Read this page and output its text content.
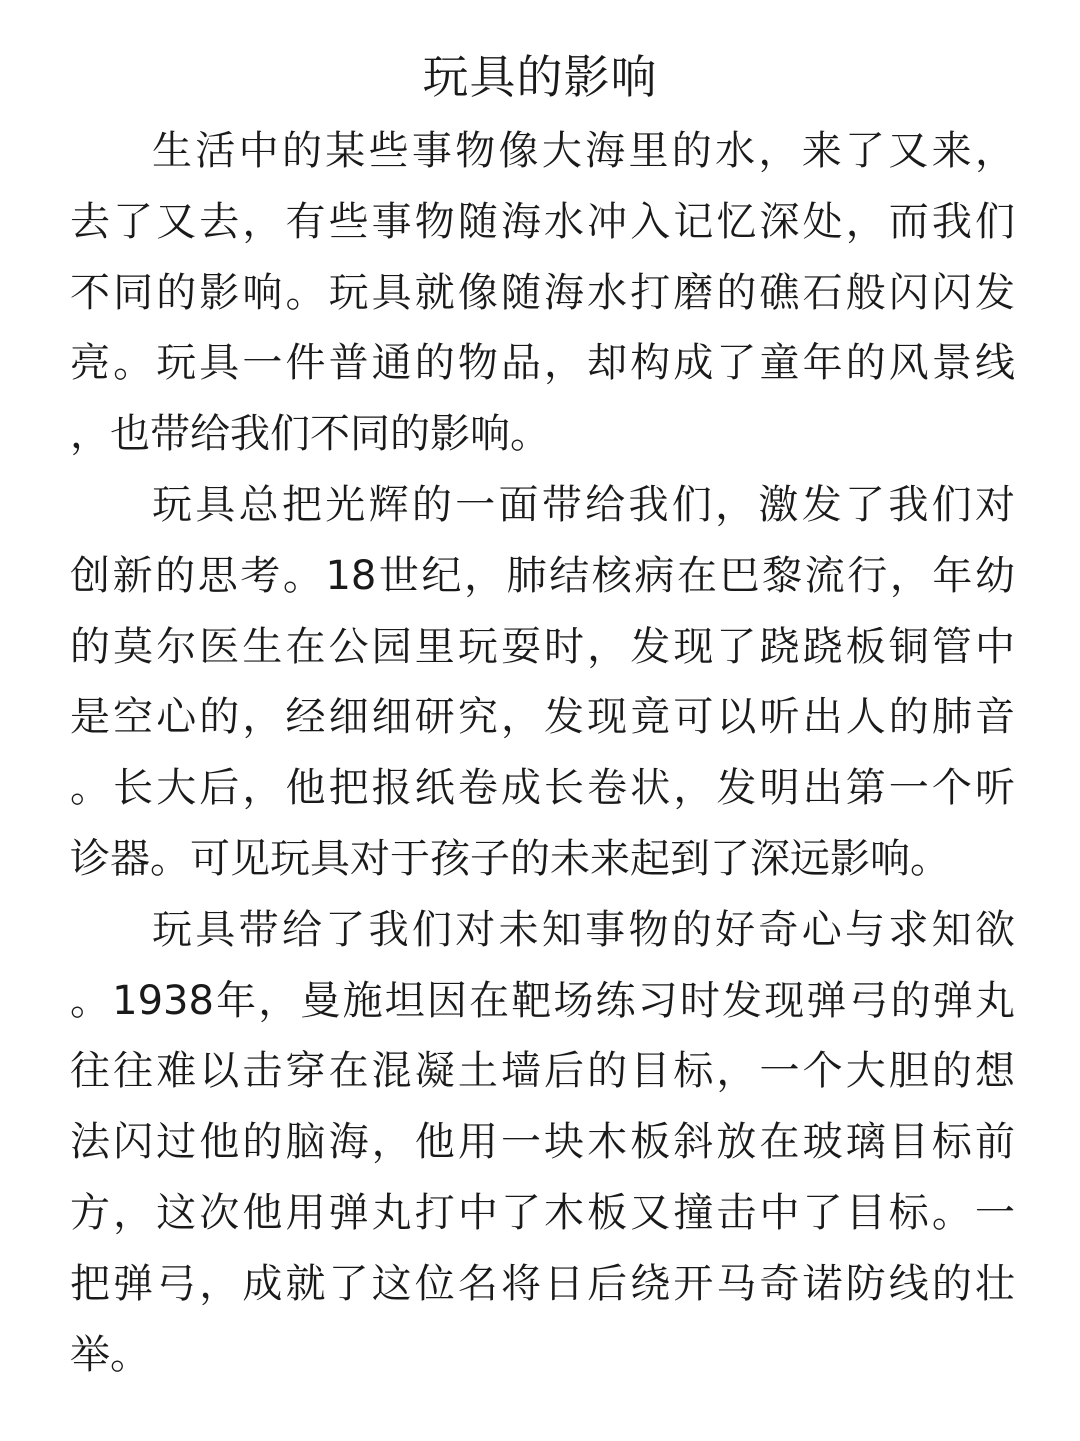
玩具的影响
生活中的某些事物像大海里的水，来了又来，
去了又去，有些事物随海水冲入记忆深处，而我们
不同的影响。玩具就像随海水打磨的礁石般闪闪发
亮。玩具一件普通的物品，却构成了童年的风景线
，也带给我们不同的影响。
玩具总把光辉的一面带给我们，激发了我们对
创新的思考。18世纪，肺结核病在巴黎流行，年幼
的莫尔医生在公园里玩耍时，发现了跷跷板铜管中
是空心的，经细细研究，发现竟可以听出人的肺音
。长大后，他把报纸卷成长卷状，发明出第一个听
诊器。可见玩具对于孩子的未来起到了深远影响。
玩具带给了我们对未知事物的好奇心与求知欲
。1938年，曼施坦因在靶场练习时发现弹弓的弹丸
往往难以击穿在混凝土墙后的目标，一个大胆的想
法闪过他的脑海，他用一块木板斜放在玻璃目标前
方，这次他用弹丸打中了木板又撞击中了目标。一
把弹弓，成就了这位名将日后绕开马奇诺防线的壮
举。
